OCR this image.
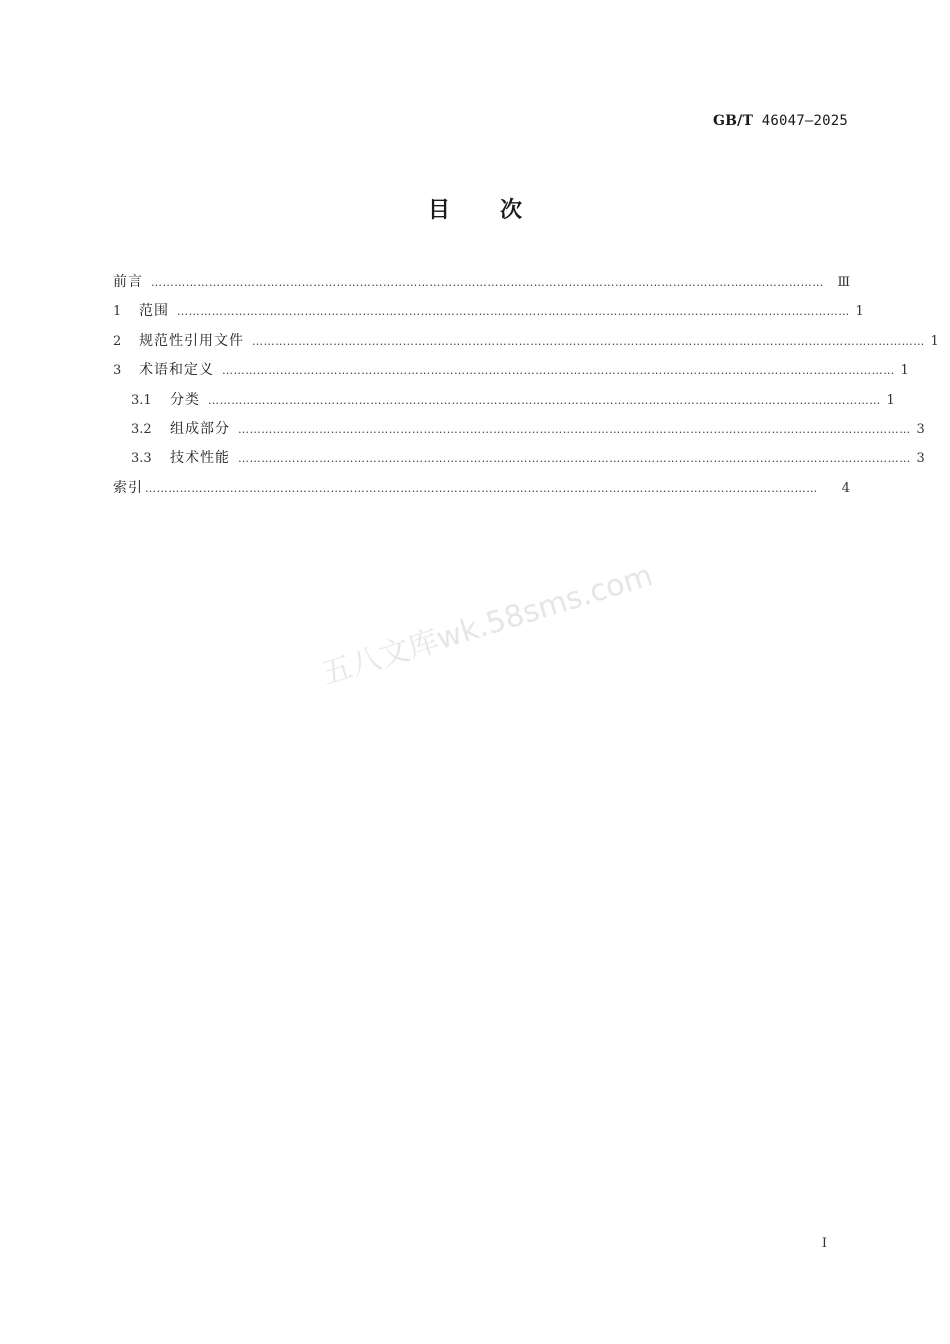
GB/T 46047—2025
目 次
前言 …………………………………………………………………………………………………………………………………………………………	Ⅲ
1	范围 ………………………………………………………………………………………………………………………………………………………… 1
2	规范性引用文件 ………………………………………………………………………………………………………………………………………………………… 1
3	术语和定义 ………………………………………………………………………………………………………………………………………………………… 1
3.1	分类 ………………………………………………………………………………………………………………………………………………………… 1
3.2	组成部分 ………………………………………………………………………………………………………………………………………………………… 3
3.3	技术性能 ………………………………………………………………………………………………………………………………………………………… 3
索引 …………………………………………………………………………………………………………………………………………………………	4
五八文库wk.58sms.com
I
